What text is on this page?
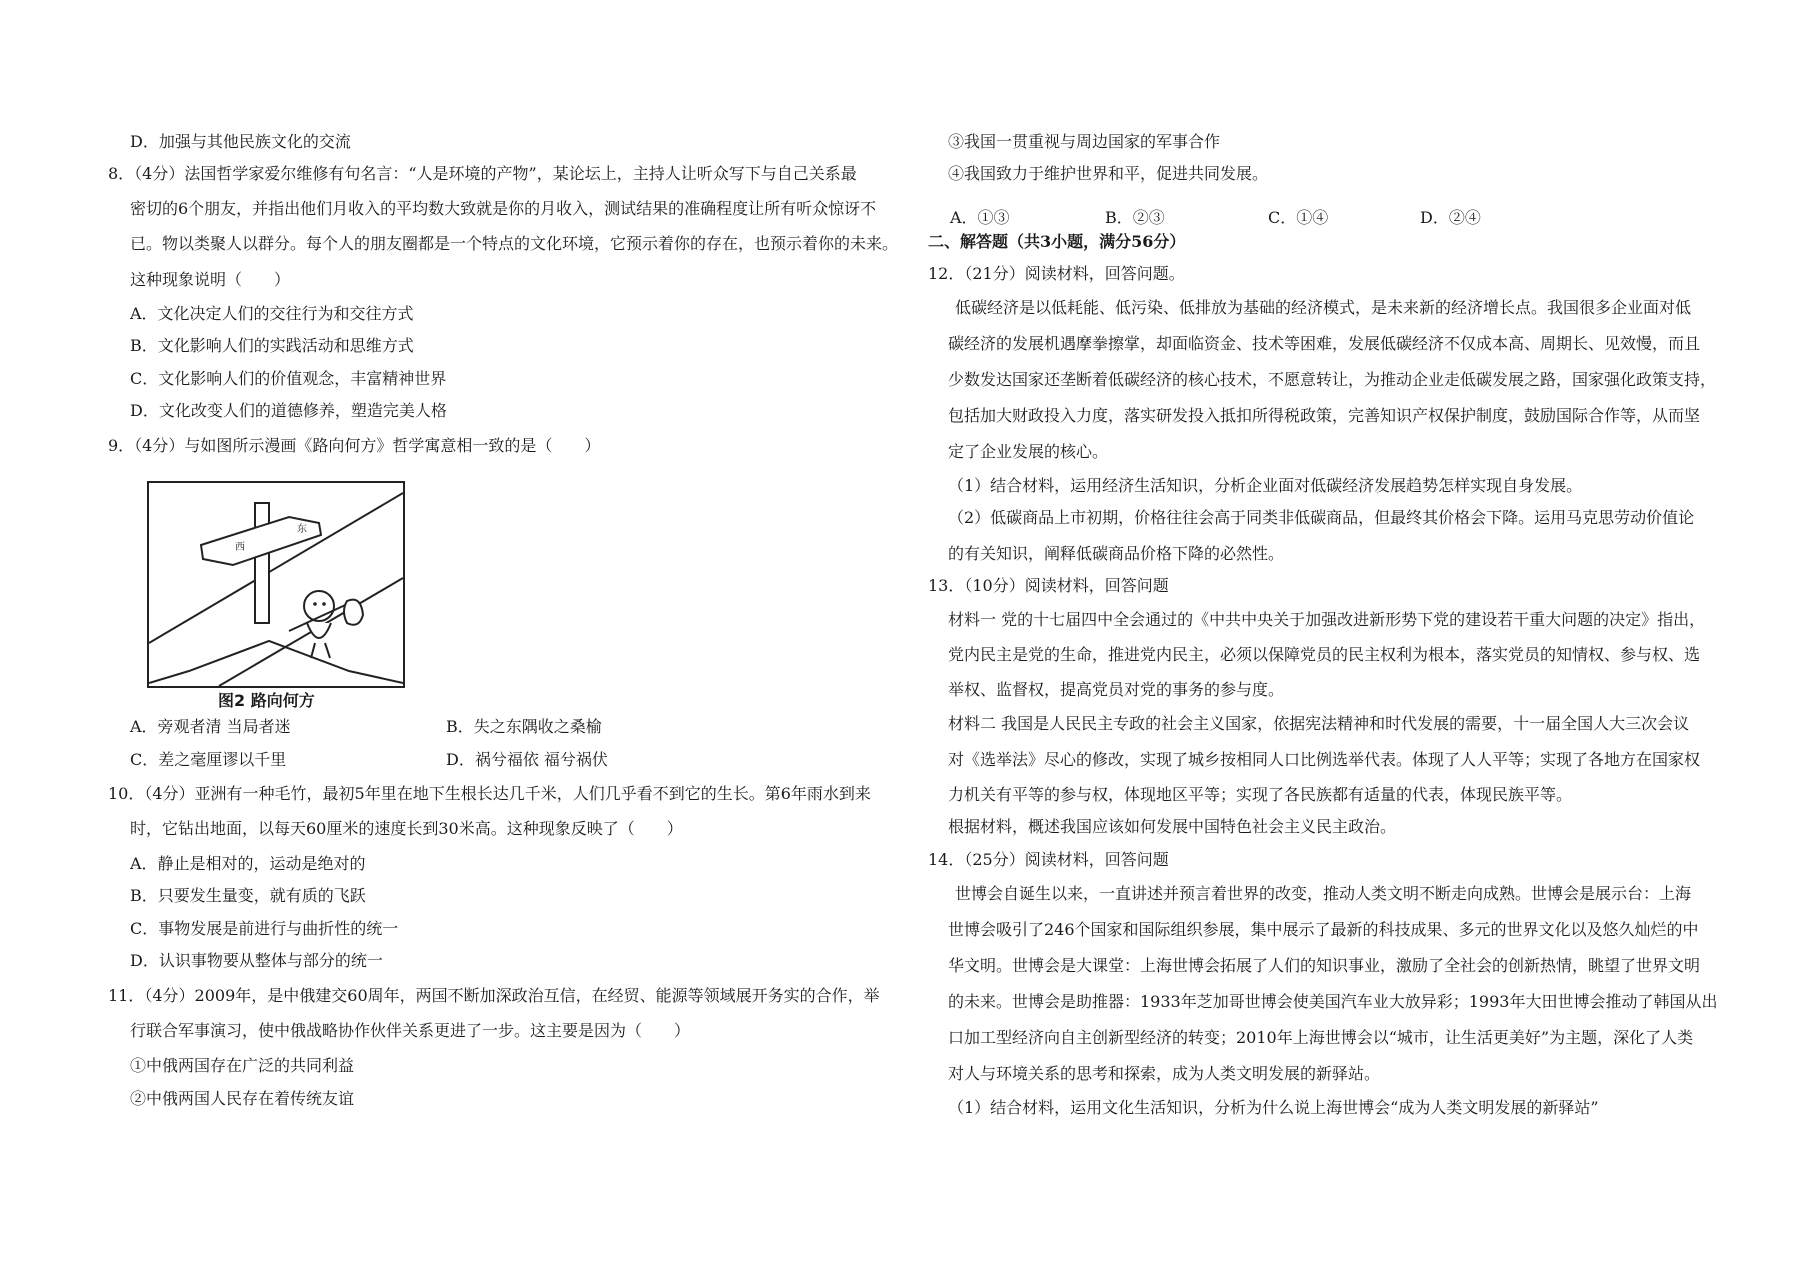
D．加强与其他民族文化的交流
8．（4分）法国哲学家爱尔维修有句名言：“人是环境的产物”，某论坛上，主持人让听众写下与自己关系最
密切的6个朋友，并指出他们月收入的平均数大致就是你的月收入，测试结果的准确程度让所有听众惊讶不
已。物以类聚人以群分。每个人的朋友圈都是一个特点的文化环境，它预示着你的存在，也预示着你的未来。
这种现象说明（　　）
A．文化决定人们的交往行为和交往方式
B．文化影响人们的实践活动和思维方式
C．文化影响人们的价值观念，丰富精神世界
D．文化改变人们的道德修养，塑造完美人格
9．（4分）与如图所示漫画《路向何方》哲学寓意相一致的是（　　）
A．旁观者清 当局者迷	B．失之东隅收之桑榆
C．差之毫厘谬以千里	D．祸兮福依 福兮祸伏
10．（4分）亚洲有一种毛竹，最初5年里在地下生根长达几千米，人们几乎看不到它的生长。第6年雨水到来
时，它钻出地面，以每天60厘米的速度长到30米高。这种现象反映了（　　）
A．静止是相对的，运动是绝对的
B．只要发生量变，就有质的飞跃
C．事物发展是前进行与曲折性的统一
D．认识事物要从整体与部分的统一
11．（4分）2009年，是中俄建交60周年，两国不断加深政治互信，在经贸、能源等领域展开务实的合作，举
行联合军事演习，使中俄战略协作伙伴关系更进了一步。这主要是因为（　　）
①中俄两国存在广泛的共同利益
②中俄两国人民存在着传统友谊
③我国一贯重视与周边国家的军事合作
④我国致力于维护世界和平，促进共同发展。
二、解答题（共3小题，满分56分）
12．（21分）阅读材料，回答问题。
低碳经济是以低耗能、低污染、低排放为基础的经济模式，是未来新的经济增长点。我国很多企业面对低
碳经济的发展机遇摩拳擦掌，却面临资金、技术等困难，发展低碳经济不仅成本高、周期长、见效慢，而且
少数发达国家还垄断着低碳经济的核心技术，不愿意转让，为推动企业走低碳发展之路，国家强化政策支持，
包括加大财政投入力度，落实研发投入抵扣所得税政策，完善知识产权保护制度，鼓励国际合作等，从而坚
定了企业发展的核心。
（1）结合材料，运用经济生活知识，分析企业面对低碳经济发展趋势怎样实现自身发展。
（2）低碳商品上市初期，价格往往会高于同类非低碳商品，但最终其价格会下降。运用马克思劳动价值论
的有关知识，阐释低碳商品价格下降的必然性。
13．（10分）阅读材料，回答问题
材料一 党的十七届四中全会通过的《中共中央关于加强改进新形势下党的建设若干重大问题的决定》指出，
党内民主是党的生命，推进党内民主，必须以保障党员的民主权利为根本，落实党员的知情权、参与权、选
举权、监督权，提高党员对党的事务的参与度。
材料二 我国是人民民主专政的社会主义国家，依据宪法精神和时代发展的需要，十一届全国人大三次会议
对《选举法》尽心的修改，实现了城乡按相同人口比例选举代表。体现了人人平等；实现了各地方在国家权
力机关有平等的参与权，体现地区平等；实现了各民族都有适量的代表，体现民族平等。
根据材料，概述我国应该如何发展中国特色社会主义民主政治。
14．（25分）阅读材料，回答问题
世博会自诞生以来，一直讲述并预言着世界的改变，推动人类文明不断走向成熟。世博会是展示台：上海
世博会吸引了246个国家和国际组织参展，集中展示了最新的科技成果、多元的世界文化以及悠久灿烂的中
华文明。世博会是大课堂：上海世博会拓展了人们的知识事业，激励了全社会的创新热情，眺望了世界文明
的未来。世博会是助推器：1933年芝加哥世博会使美国汽车业大放异彩；1993年大田世博会推动了韩国从出
口加工型经济向自主创新型经济的转变；2010年上海世博会以“城市，让生活更美好”为主题，深化了人类
对人与环境关系的思考和探索，成为人类文明发展的新驿站。
（1）结合材料，运用文化生活知识，分析为什么说上海世博会“成为人类文明发展的新驿站”
A．①③	B．②③	C．①④	D．②④
西
东
图2 路向何方
